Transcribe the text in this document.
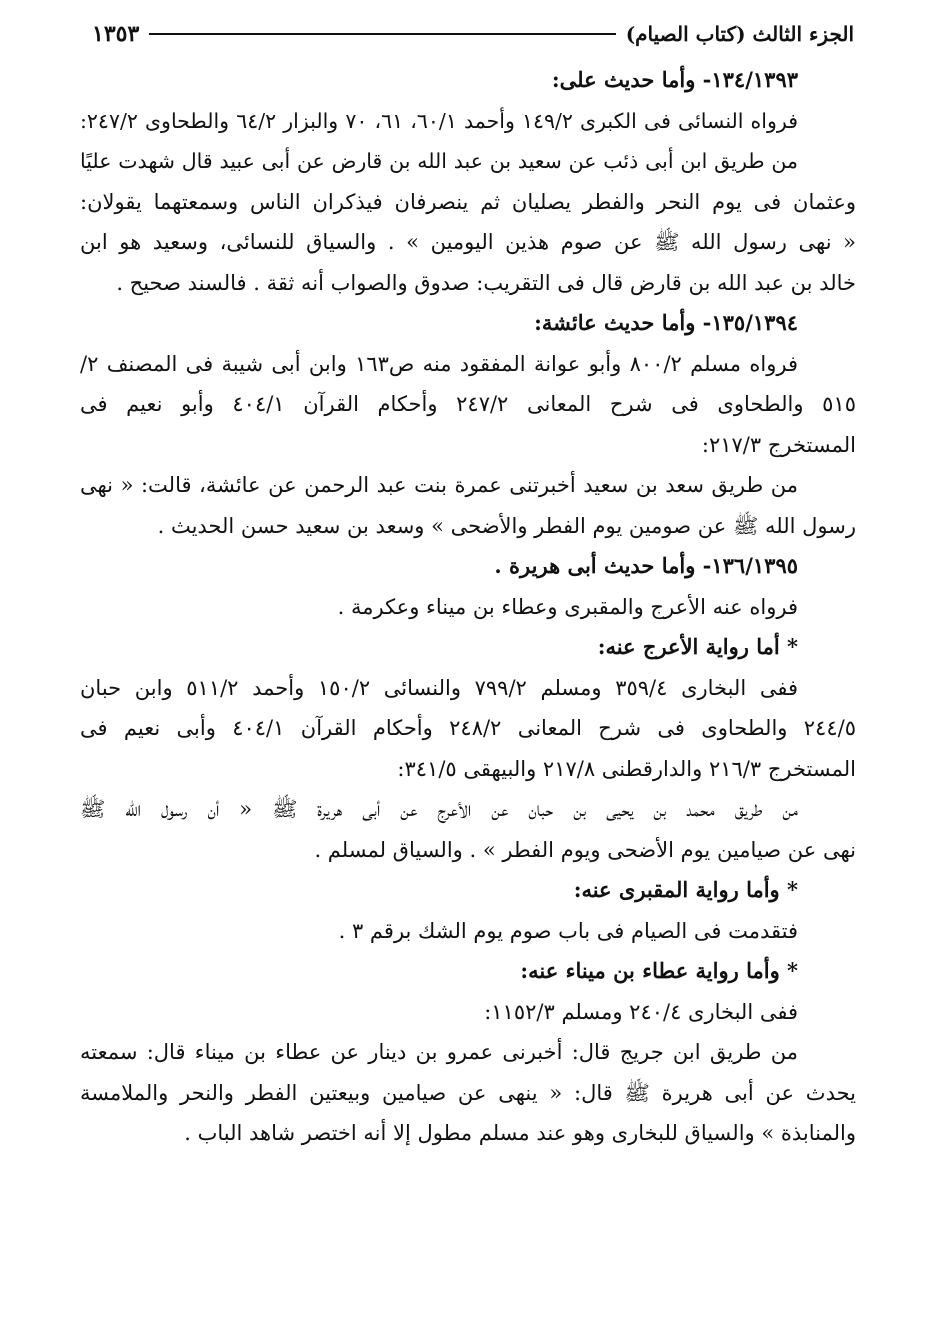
الجزء الثالث (كتاب الصيام)
١٣٥٣
١٣٤/١٣٩٣- وأما حديث على:
فرواه النسائى فى الكبرى ١٤٩/٢ وأحمد ٦٠/١، ٦١، ٧٠ والبزار ٦٤/٢ والطحاوى ٢٤٧/٢:
من طريق ابن أبى ذئب عن سعيد بن عبد الله بن قارض عن أبى عبيد قال شهدت عليًا
وعثمان فى يوم النحر والفطر يصليان ثم ينصرفان فيذكران الناس وسمعتهما يقولان:
« نهى رسول الله ﷺ عن صوم هذين اليومين » . والسياق للنسائى، وسعيد هو ابن
خالد بن عبد الله بن قارض قال فى التقريب: صدوق والصواب أنه ثقة . فالسند صحيح .
١٣٥/١٣٩٤- وأما حديث عائشة:
فرواه مسلم ٨٠٠/٢ وأبو عوانة المفقود منه ص١٦٣ وابن أبى شيبة فى المصنف ٢/
٥١٥ والطحاوى فى شرح المعانى ٢٤٧/٢ وأحكام القرآن ٤٠٤/١ وأبو نعيم فى
المستخرج ٢١٧/٣:
من طريق سعد بن سعيد أخبرتنى عمرة بنت عبد الرحمن عن عائشة، قالت: « نهى
رسول الله ﷺ عن صومين يوم الفطر والأضحى » وسعد بن سعيد حسن الحديث .
١٣٦/١٣٩٥- وأما حديث أبى هريرة .
فرواه عنه الأعرج والمقبرى وعطاء بن ميناء وعكرمة .
* أما رواية الأعرج عنه:
ففى البخارى ٣٥٩/٤ ومسلم ٧٩٩/٢ والنسائى ١٥٠/٢ وأحمد ٥١١/٢ وابن حبان
٢٤٤/٥ والطحاوى فى شرح المعانى ٢٤٨/٢ وأحكام القرآن ٤٠٤/١ وأبى نعيم فى
المستخرج ٢١٦/٣ والدارقطنى ٢١٧/٨ والبيهقى ٣٤١/٥:
من طريق محمد بن يحيى بن حبان عن الأعرج عن أبى هريرة ﷺ « أن رسول الله ﷺ
نهى عن صيامين يوم الأضحى ويوم الفطر » . والسياق لمسلم .
* وأما رواية المقبرى عنه:
فتقدمت فى الصيام فى باب صوم يوم الشك برقم ٣ .
* وأما رواية عطاء بن ميناء عنه:
ففى البخارى ٢٤٠/٤ ومسلم ١١٥٢/٣:
من طريق ابن جريج قال: أخبرنى عمرو بن دينار عن عطاء بن ميناء قال: سمعته
يحدث عن أبى هريرة ﷺ قال: « ينهى عن صيامين وبيعتين الفطر والنحر والملامسة
والمنابذة » والسياق للبخارى وهو عند مسلم مطول إلا أنه اختصر شاهد الباب .
